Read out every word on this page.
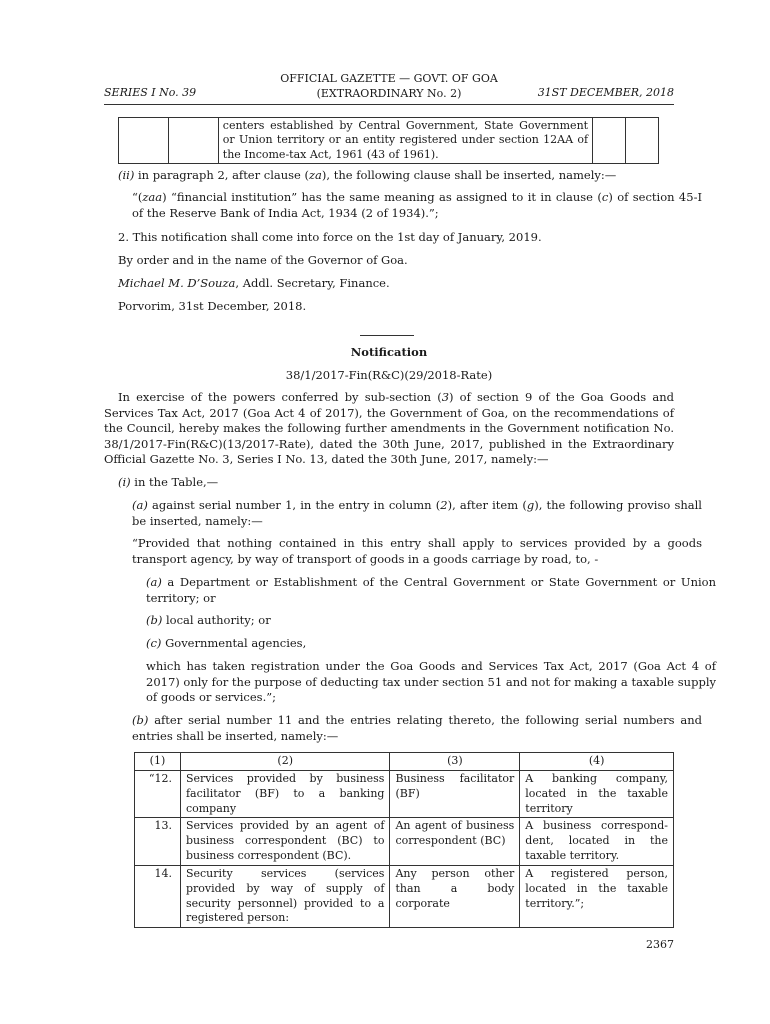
SERIES I No. 39
OFFICIAL GAZETTE — GOVT. OF GOA
(EXTRAORDINARY No. 2)	31ST DECEMBER, 2018
		centers established by Central Government, State Government or Union territory or an entity registered under section 12AA of the Income-tax Act, 1961 (43 of 1961).		

(ii) in paragraph 2, after clause (za), the following clause shall be inserted, namely:—

“(zaa) “financial institution” has the same meaning as assigned to it in clause (c) of section 45-I of the Reserve Bank of India Act, 1934 (2 of 1934).”;

2. This notification shall come into force on the 1st day of January, 2019.

By order and in the name of the Governor of Goa.

Michael M. D’Souza, Addl. Secretary, Finance.

Porvorim, 31st December, 2018.

Notification

38/1/2017-Fin(R&C)(29/2018-Rate)

In exercise of the powers conferred by sub-section (3) of section 9 of the Goa Goods and Services Tax Act, 2017 (Goa Act 4 of 2017), the Government of Goa, on the recommendations of the Council, hereby makes the following further amendments in the Government notification No. 38/1/2017-Fin(R&C)(13/2017-Rate), dated the 30th June, 2017, published in the Extraordinary Official Gazette No. 3, Series I No. 13, dated the 30th June, 2017, namely:—

(i) in the Table,—

(a) against serial number 1, in the entry in column (2), after item (g), the following proviso shall be inserted, namely:—

“Provided that nothing contained in this entry shall apply to services provided by a goods transport agency, by way of transport of goods in a goods carriage by road, to, -

(a) a Department or Establishment of the Central Government or State Government or Union territory; or

(b) local authority; or

(c) Governmental agencies,

which has taken registration under the Goa Goods and Services Tax Act, 2017 (Goa Act 4 of 2017) only for the purpose of deducting tax under section 51 and not for making a taxable supply of goods or services.”;

(b) after serial number 11 and the entries relating thereto, the following serial numbers and entries shall be inserted, namely:—

(1)	(2)	(3)	(4)
“12.	Services provided by business facilitator (BF) to a banking company	Business facilitator (BF)	A banking company, located in the taxable territory
13.	Services provided by an agent of business correspondent (BC) to business correspondent (BC).	An agent of business correspondent (BC)	A business correspond-dent, located in the taxable territory.
14.	Security services (services provided by way of supply of security personnel) provided to a registered person:	Any person other than a body corporate	A registered person, located in the taxable territory.”;
2367
